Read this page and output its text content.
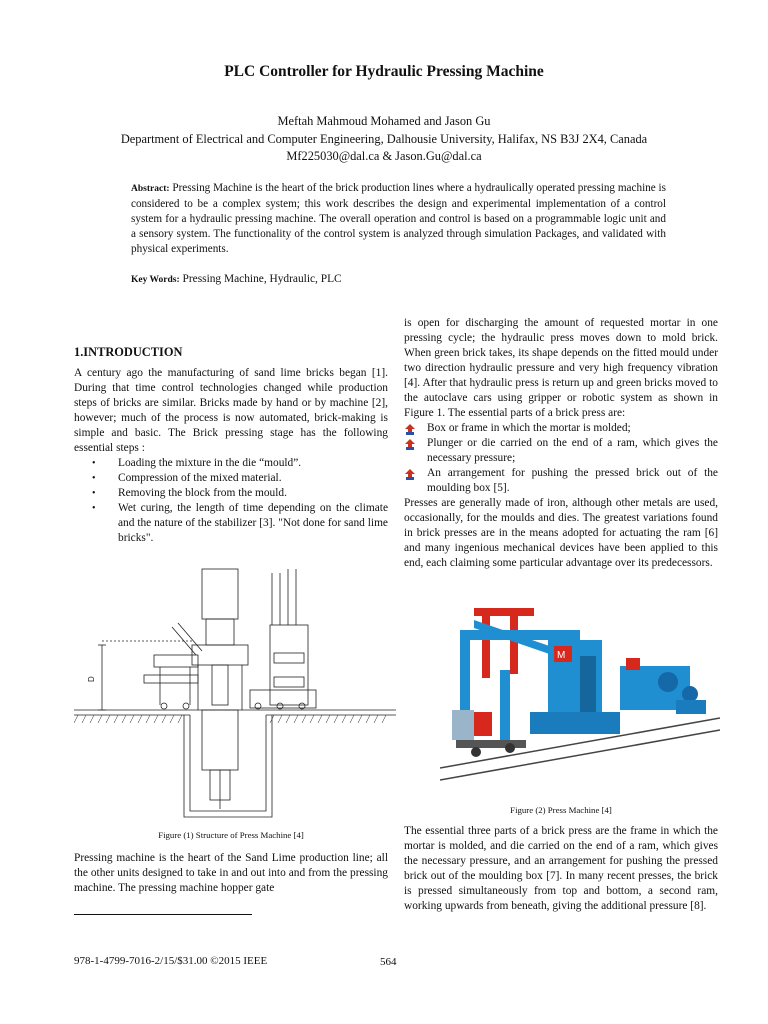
PLC Controller for Hydraulic Pressing Machine
Meftah Mahmoud Mohamed and Jason Gu
Department of Electrical and Computer Engineering, Dalhousie University, Halifax, NS B3J 2X4, Canada
Mf225030@dal.ca & Jason.Gu@dal.ca
Abstract: Pressing Machine is the heart of the brick production lines where a hydraulically operated pressing machine is considered to be a complex system; this work describes the design and experimental implementation of a control system for a hydraulic pressing machine. The overall operation and control is based on a programmable logic unit and a sensory system. The functionality of the control system is analyzed through simulation Packages, and validated with physical experiments.
Key Words: Pressing Machine, Hydraulic, PLC
1.INTRODUCTION
A century ago the manufacturing of sand lime bricks began [1]. During that time control technologies changed while production steps of bricks are similar. Bricks made by hand or by machine [2], however; much of the process is now automated, brick-making is simple and basic. The Brick pressing stage has the following essential steps :
• Loading the mixture in the die “mould”.
• Compression of the mixed material.
• Removing the block from the mould.
• Wet curing, the length of time depending on the climate and the nature of the stabilizer [3]. "Not done for sand lime bricks".
D
Figure (1) Structure of Press Machine [4]
Pressing machine is the heart of the Sand Lime production line; all the other units designed to take in and out into and from the pressing machine. The pressing machine hopper gate
is open for discharging the amount of requested mortar in one pressing cycle; the hydraulic press moves down to mold brick. When green brick takes, its shape depends on the fitted mould under two direction hydraulic pressure and very high frequency vibration [4]. After that hydraulic press is return up and green bricks moved to the autoclave cars using gripper or robotic system as shown in Figure 1. The essential parts of a brick press are:
Box or frame in which the mortar is molded;
Plunger or die carried on the end of a ram, which gives the necessary pressure;
An arrangement for pushing the pressed brick out of the moulding box [5].
Presses are generally made of iron, although other metals are used, occasionally, for the moulds and dies. The greatest variations found in brick presses are in the means adopted for actuating the ram [6] and many ingenious mechanical devices have been applied to this end, each claiming some particular advantage over its predecessors.
M
Figure (2) Press Machine [4]
The essential three parts of a brick press are the frame in which the mortar is molded, and die carried on the end of a ram, which gives the necessary pressure, and an arrangement for pushing the pressed brick out of the moulding box [7]. In many recent presses, the brick is pressed simultaneously from top and bottom, a second ram, working upwards from beneath, giving the additional pressure [8].
978-1-4799-7016-2/15/$31.00 ©2015 IEEE	564
